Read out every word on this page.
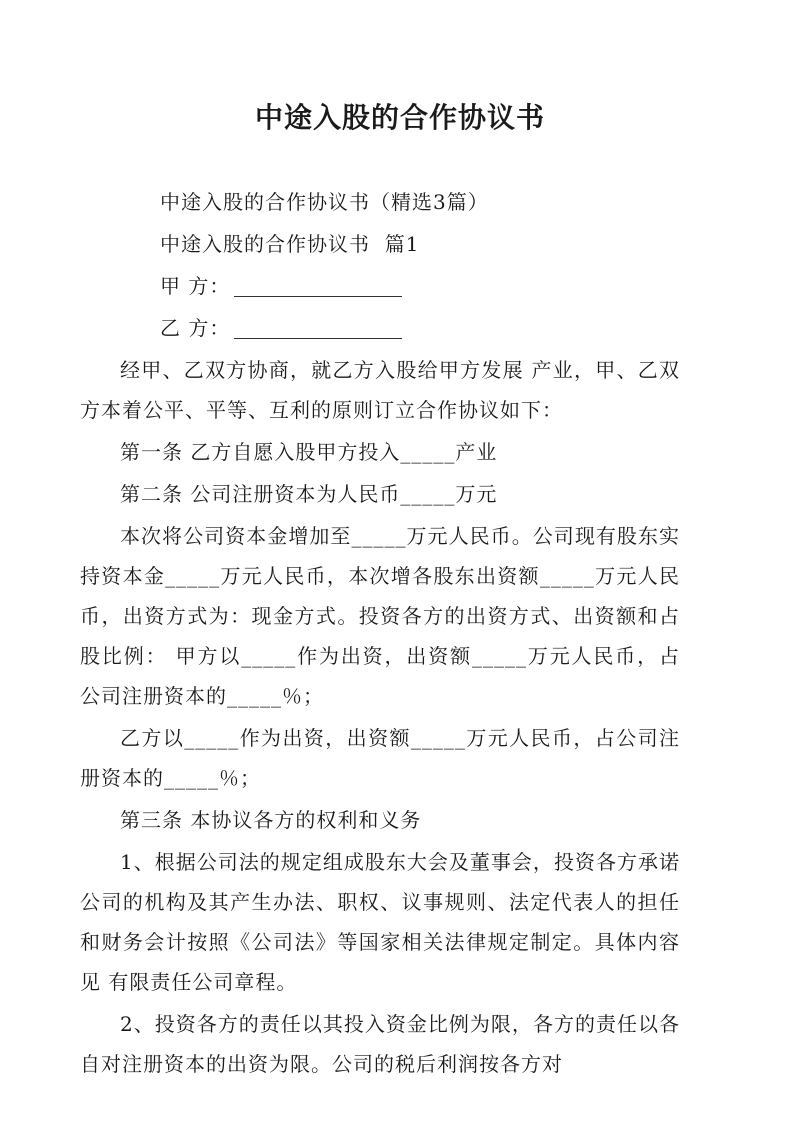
中途入股的合作协议书
中途入股的合作协议书（精选3篇）
中途入股的合作协议书  篇1
甲 方：
乙 方：

经甲、乙双方协商，就乙方入股给甲方发展 产业，甲、乙双方本着公平、平等、互利的原则订立合作协议如下：

第一条 乙方自愿入股甲方投入_____产业

第二条 公司注册资本为人民币_____万元

本次将公司资本金增加至_____万元人民币。公司现有股东实持资本金_____万元人民币，本次增各股东出资额_____万元人民币，出资方式为：现金方式。投资各方的出资方式、出资额和占股比例： 甲方以_____作为出资，出资额_____万元人民币，占公司注册资本的_____％；

乙方以_____作为出资，出资额_____万元人民币，占公司注册资本的_____％；

第三条 本协议各方的权利和义务

1、根据公司法的规定组成股东大会及董事会，投资各方承诺公司的机构及其产生办法、职权、议事规则、法定代表人的担任和财务会计按照《公司法》等国家相关法律规定制定。具体内容见 有限责任公司章程。

2、投资各方的责任以其投入资金比例为限，各方的责任以各自对注册资本的出资为限。公司的税后利润按各方对
